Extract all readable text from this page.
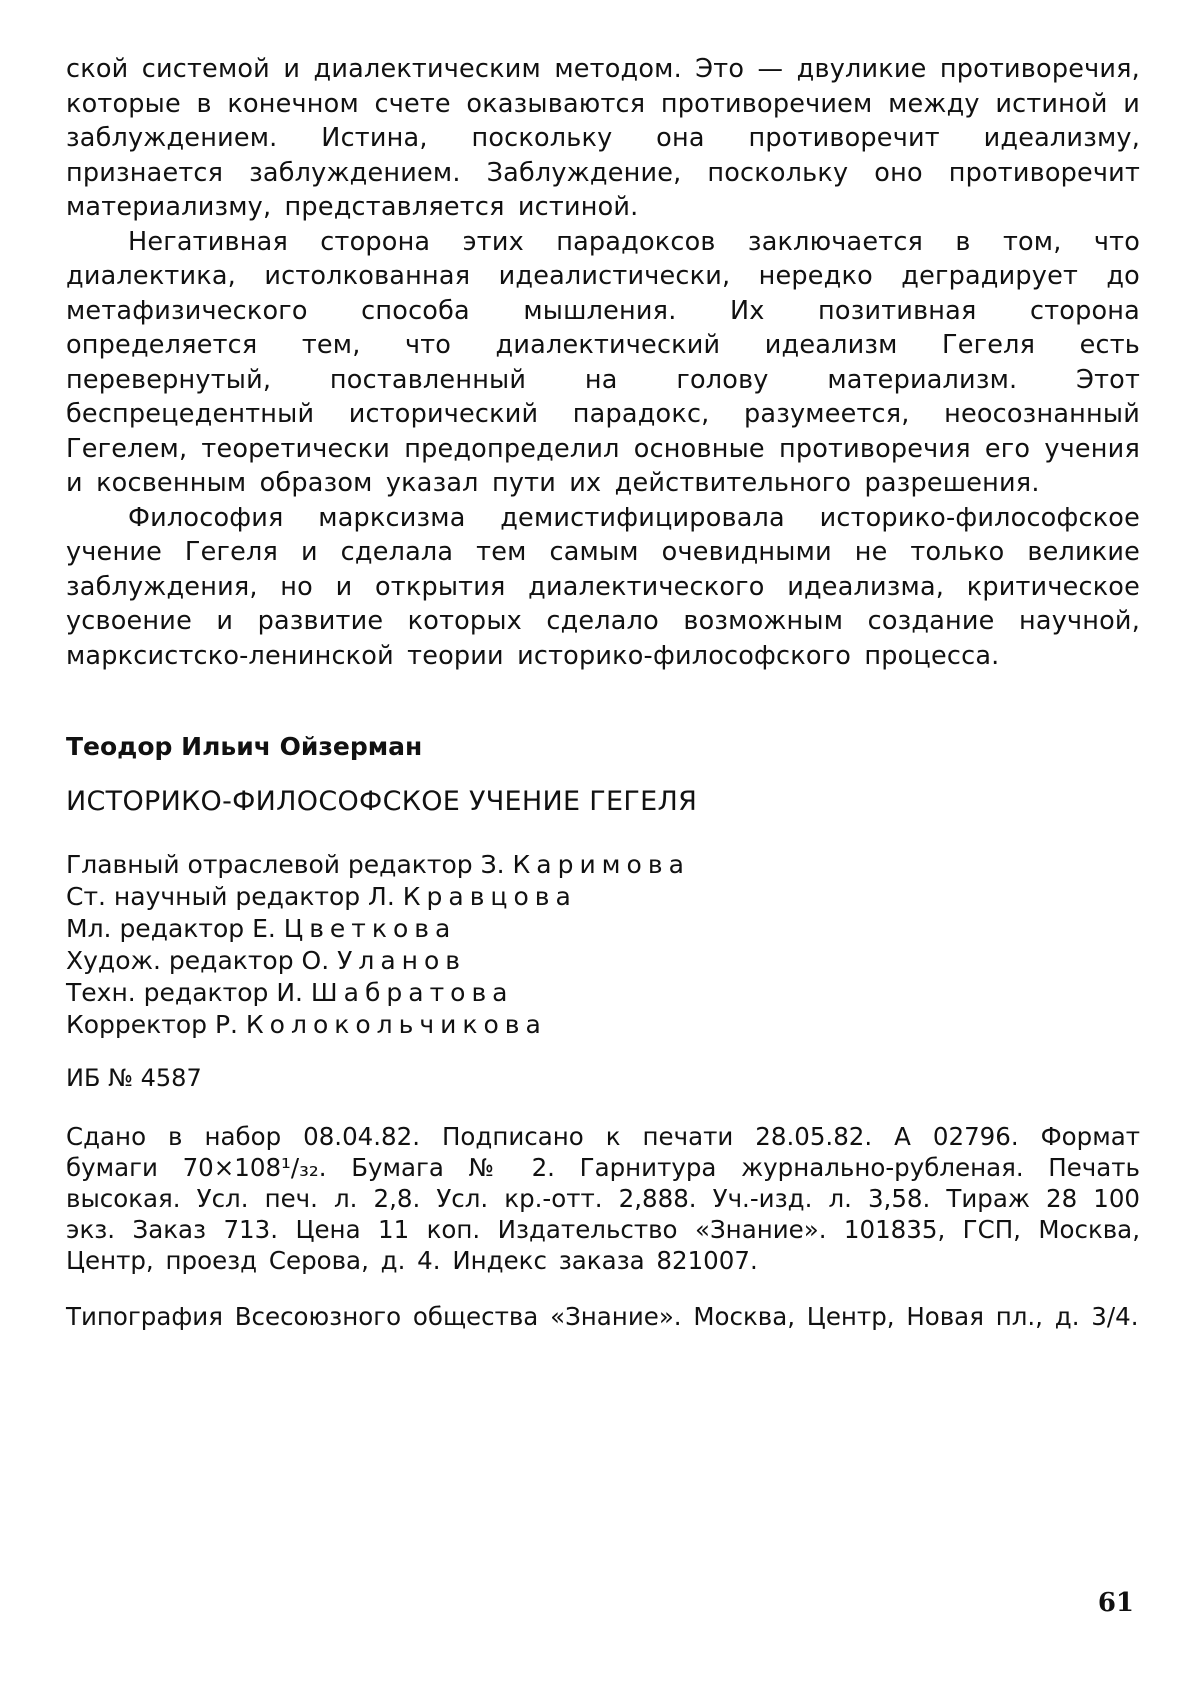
ской системой и диалектическим методом. Это — двуликие противоречия, которые в конечном счете оказываются противоречием между истиной и заблуждением. Истина, поскольку она противоречит идеализму, признается заблуждением. Заблуждение, поскольку оно противоречит материализму, представляется истиной.

Негативная сторона этих парадоксов заключается в том, что диалектика, истолкованная идеалистически, нередко деградирует до метафизического способа мышления. Их позитивная сторона определяется тем, что диалектический идеализм Гегеля есть перевернутый, поставленный на голову материализм. Этот беспрецедентный исторический парадокс, разумеется, неосознанный Гегелем, теоретически предопределил основные противоречия его учения и косвенным образом указал пути их действительного разрешения.

Философия марксизма демистифицировала историко-философское учение Гегеля и сделала тем самым очевидными не только великие заблуждения, но и открытия диалектического идеализма, критическое усвоение и развитие которых сделало возможным создание научной, марксистско-ленинской теории историко-философского процесса.

Теодор Ильич Ойзерман
ИСТОРИКО-ФИЛОСОФСКОЕ УЧЕНИЕ ГЕГЕЛЯ
Главный отраслевой редактор З. Каримова
Ст. научный редактор Л. Кравцова
Мл. редактор Е. Цветкова
Худож. редактор О. Уланов
Техн. редактор И. Шабратова
Корректор Р. Колокольчикова
ИБ № 4587

Сдано в набор 08.04.82. Подписано к печати 28.05.82. А 02796. Формат бумаги 70×108¹/₃₂. Бумага № 2. Гарнитура журнально-рубленая. Печать высокая. Усл. печ. л. 2,8. Усл. кр.-отт. 2,888. Уч.-изд. л. 3,58. Тираж 28 100 экз. Заказ 713. Цена 11 коп. Издательство «Знание». 101835, ГСП, Москва, Центр, проезд Серова, д. 4. Индекс заказа 821007.

Типография Всесоюзного общества «Знание». Москва, Центр, Новая пл., д. 3/4.

61
